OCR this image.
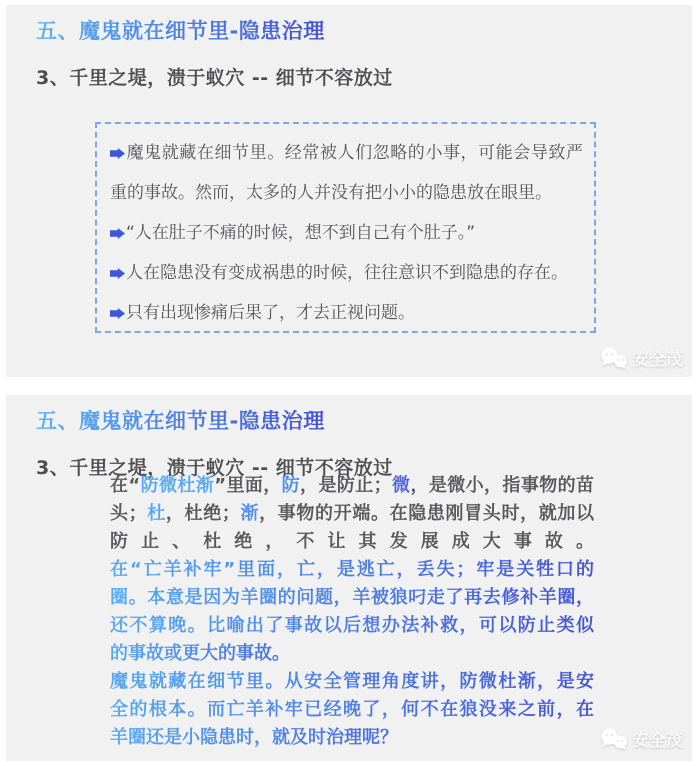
五、魔鬼就在细节里-隐患治理
3、千里之堤，溃于蚁穴 -- 细节不容放过

魔鬼就藏在细节里。经常被人们忽略的小事，可能会导致严重的事故。然而，太多的人并没有把小小的隐患放在眼里。

“人在肚子不痛的时候，想不到自己有个肚子。”

人在隐患没有变成祸患的时候，往往意识不到隐患的存在。

只有出现惨痛后果了，才去正视问题。

安全茂
五、魔鬼就在细节里-隐患治理
3、千里之堤，溃于蚁穴 -- 细节不容放过

在“防微杜渐”里面，防，是防止；微，是微小，指事物的苗头；杜，杜绝；渐，事物的开端。在隐患刚冒头时，就加以防止、杜绝，不让其发展成大事故。

在“亡羊补牢”里面，亡，是逃亡，丢失；牢是关牲口的
圈。本意是因为羊圈的问题，羊被狼叼走了再去修补羊圈，
还不算晚。比喻出了事故以后想办法补救，可以防止类似
的事故或更大的事故。
魔鬼就藏在细节里。从安全管理角度讲，防微杜渐，是安
全的根本。而亡羊补牢已经晚了，何不在狼没来之前，在
羊圈还是小隐患时，就及时治理呢？	安全茂
